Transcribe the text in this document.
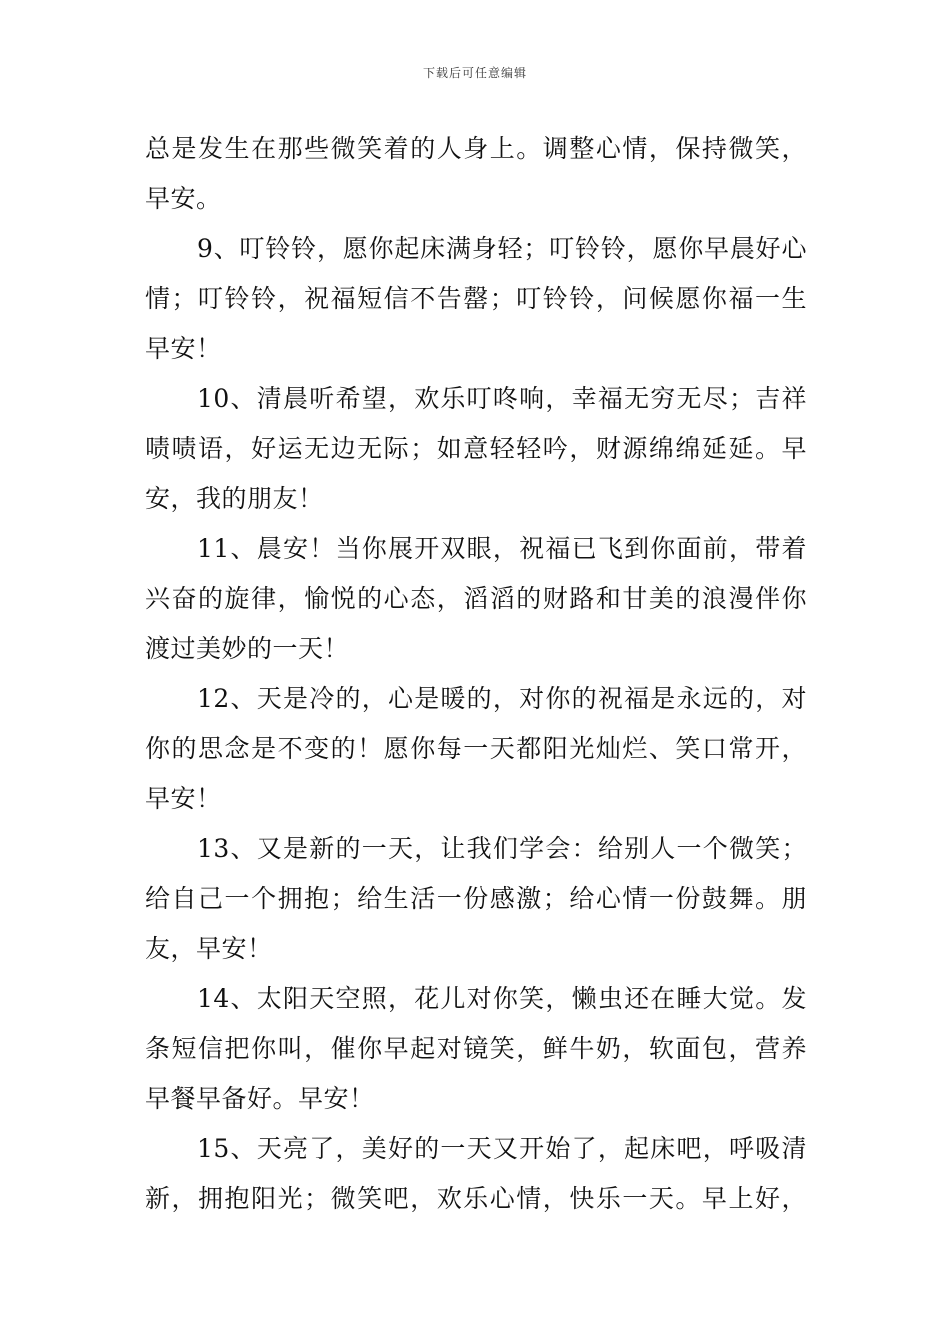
下载后可任意编辑
总是发生在那些微笑着的人身上。调整心情，保持微笑，
早安。
9、叮铃铃，愿你起床满身轻；叮铃铃，愿你早晨好心
情；叮铃铃，祝福短信不告罄；叮铃铃，问候愿你福一生
早安！
10、清晨听希望，欢乐叮咚响，幸福无穷无尽；吉祥
啧啧语，好运无边无际；如意轻轻吟，财源绵绵延延。早
安，我的朋友！
11、晨安！当你展开双眼，祝福已飞到你面前，带着
兴奋的旋律，愉悦的心态，滔滔的财路和甘美的浪漫伴你
渡过美妙的一天！
12、天是冷的，心是暖的，对你的祝福是永远的，对
你的思念是不变的！愿你每一天都阳光灿烂、笑口常开，
早安！
13、又是新的一天，让我们学会：给别人一个微笑；
给自己一个拥抱；给生活一份感激；给心情一份鼓舞。朋
友，早安！
14、太阳天空照，花儿对你笑，懒虫还在睡大觉。发
条短信把你叫，催你早起对镜笑，鲜牛奶，软面包，营养
早餐早备好。早安！
15、天亮了，美好的一天又开始了，起床吧，呼吸清
新，拥抱阳光；微笑吧，欢乐心情，快乐一天。早上好，
